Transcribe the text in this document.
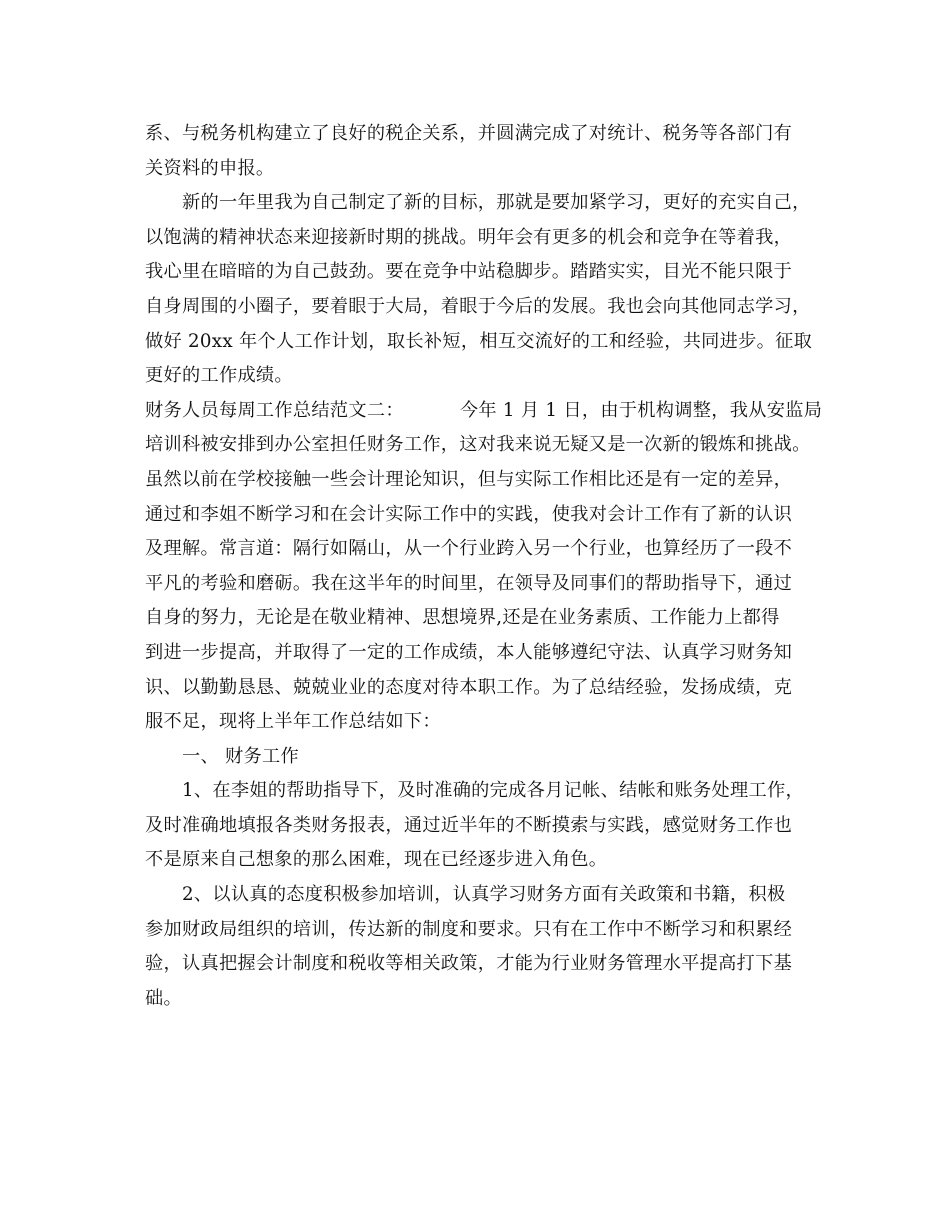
系、与税务机构建立了良好的税企关系，并圆满完成了对统计、税务等各部门有
关资料的申报。
新的一年里我为自己制定了新的目标，那就是要加紧学习，更好的充实自己，
以饱满的精神状态来迎接新时期的挑战。明年会有更多的机会和竞争在等着我，
我心里在暗暗的为自己鼓劲。要在竞争中站稳脚步。踏踏实实，目光不能只限于
自身周围的小圈子，要着眼于大局，着眼于今后的发展。我也会向其他同志学习，
做好 20xx 年个人工作计划，取长补短，相互交流好的工和经验，共同进步。征取
更好的工作成绩。
财务人员每周工作总结范文二：	今年 1 月 1 日，由于机构调整，我从安监局
培训科被安排到办公室担任财务工作，这对我来说无疑又是一次新的锻炼和挑战。
虽然以前在学校接触一些会计理论知识，但与实际工作相比还是有一定的差异，
通过和李姐不断学习和在会计实际工作中的实践，使我对会计工作有了新的认识
及理解。常言道：隔行如隔山，从一个行业跨入另一个行业，也算经历了一段不
平凡的考验和磨砺。我在这半年的时间里，在领导及同事们的帮助指导下，通过
自身的努力，无论是在敬业精神、思想境界,还是在业务素质、工作能力上都得
到进一步提高，并取得了一定的工作成绩，本人能够遵纪守法、认真学习财务知
识、以勤勤恳恳、兢兢业业的态度对待本职工作。为了总结经验，发扬成绩，克
服不足，现将上半年工作总结如下：
一、 财务工作
1、在李姐的帮助指导下，及时准确的完成各月记帐、结帐和账务处理工作，
及时准确地填报各类财务报表，通过近半年的不断摸索与实践，感觉财务工作也
不是原来自己想象的那么困难，现在已经逐步进入角色。
2、以认真的态度积极参加培训，认真学习财务方面有关政策和书籍，积极
参加财政局组织的培训，传达新的制度和要求。只有在工作中不断学习和积累经
验，认真把握会计制度和税收等相关政策，才能为行业财务管理水平提高打下基
础。
